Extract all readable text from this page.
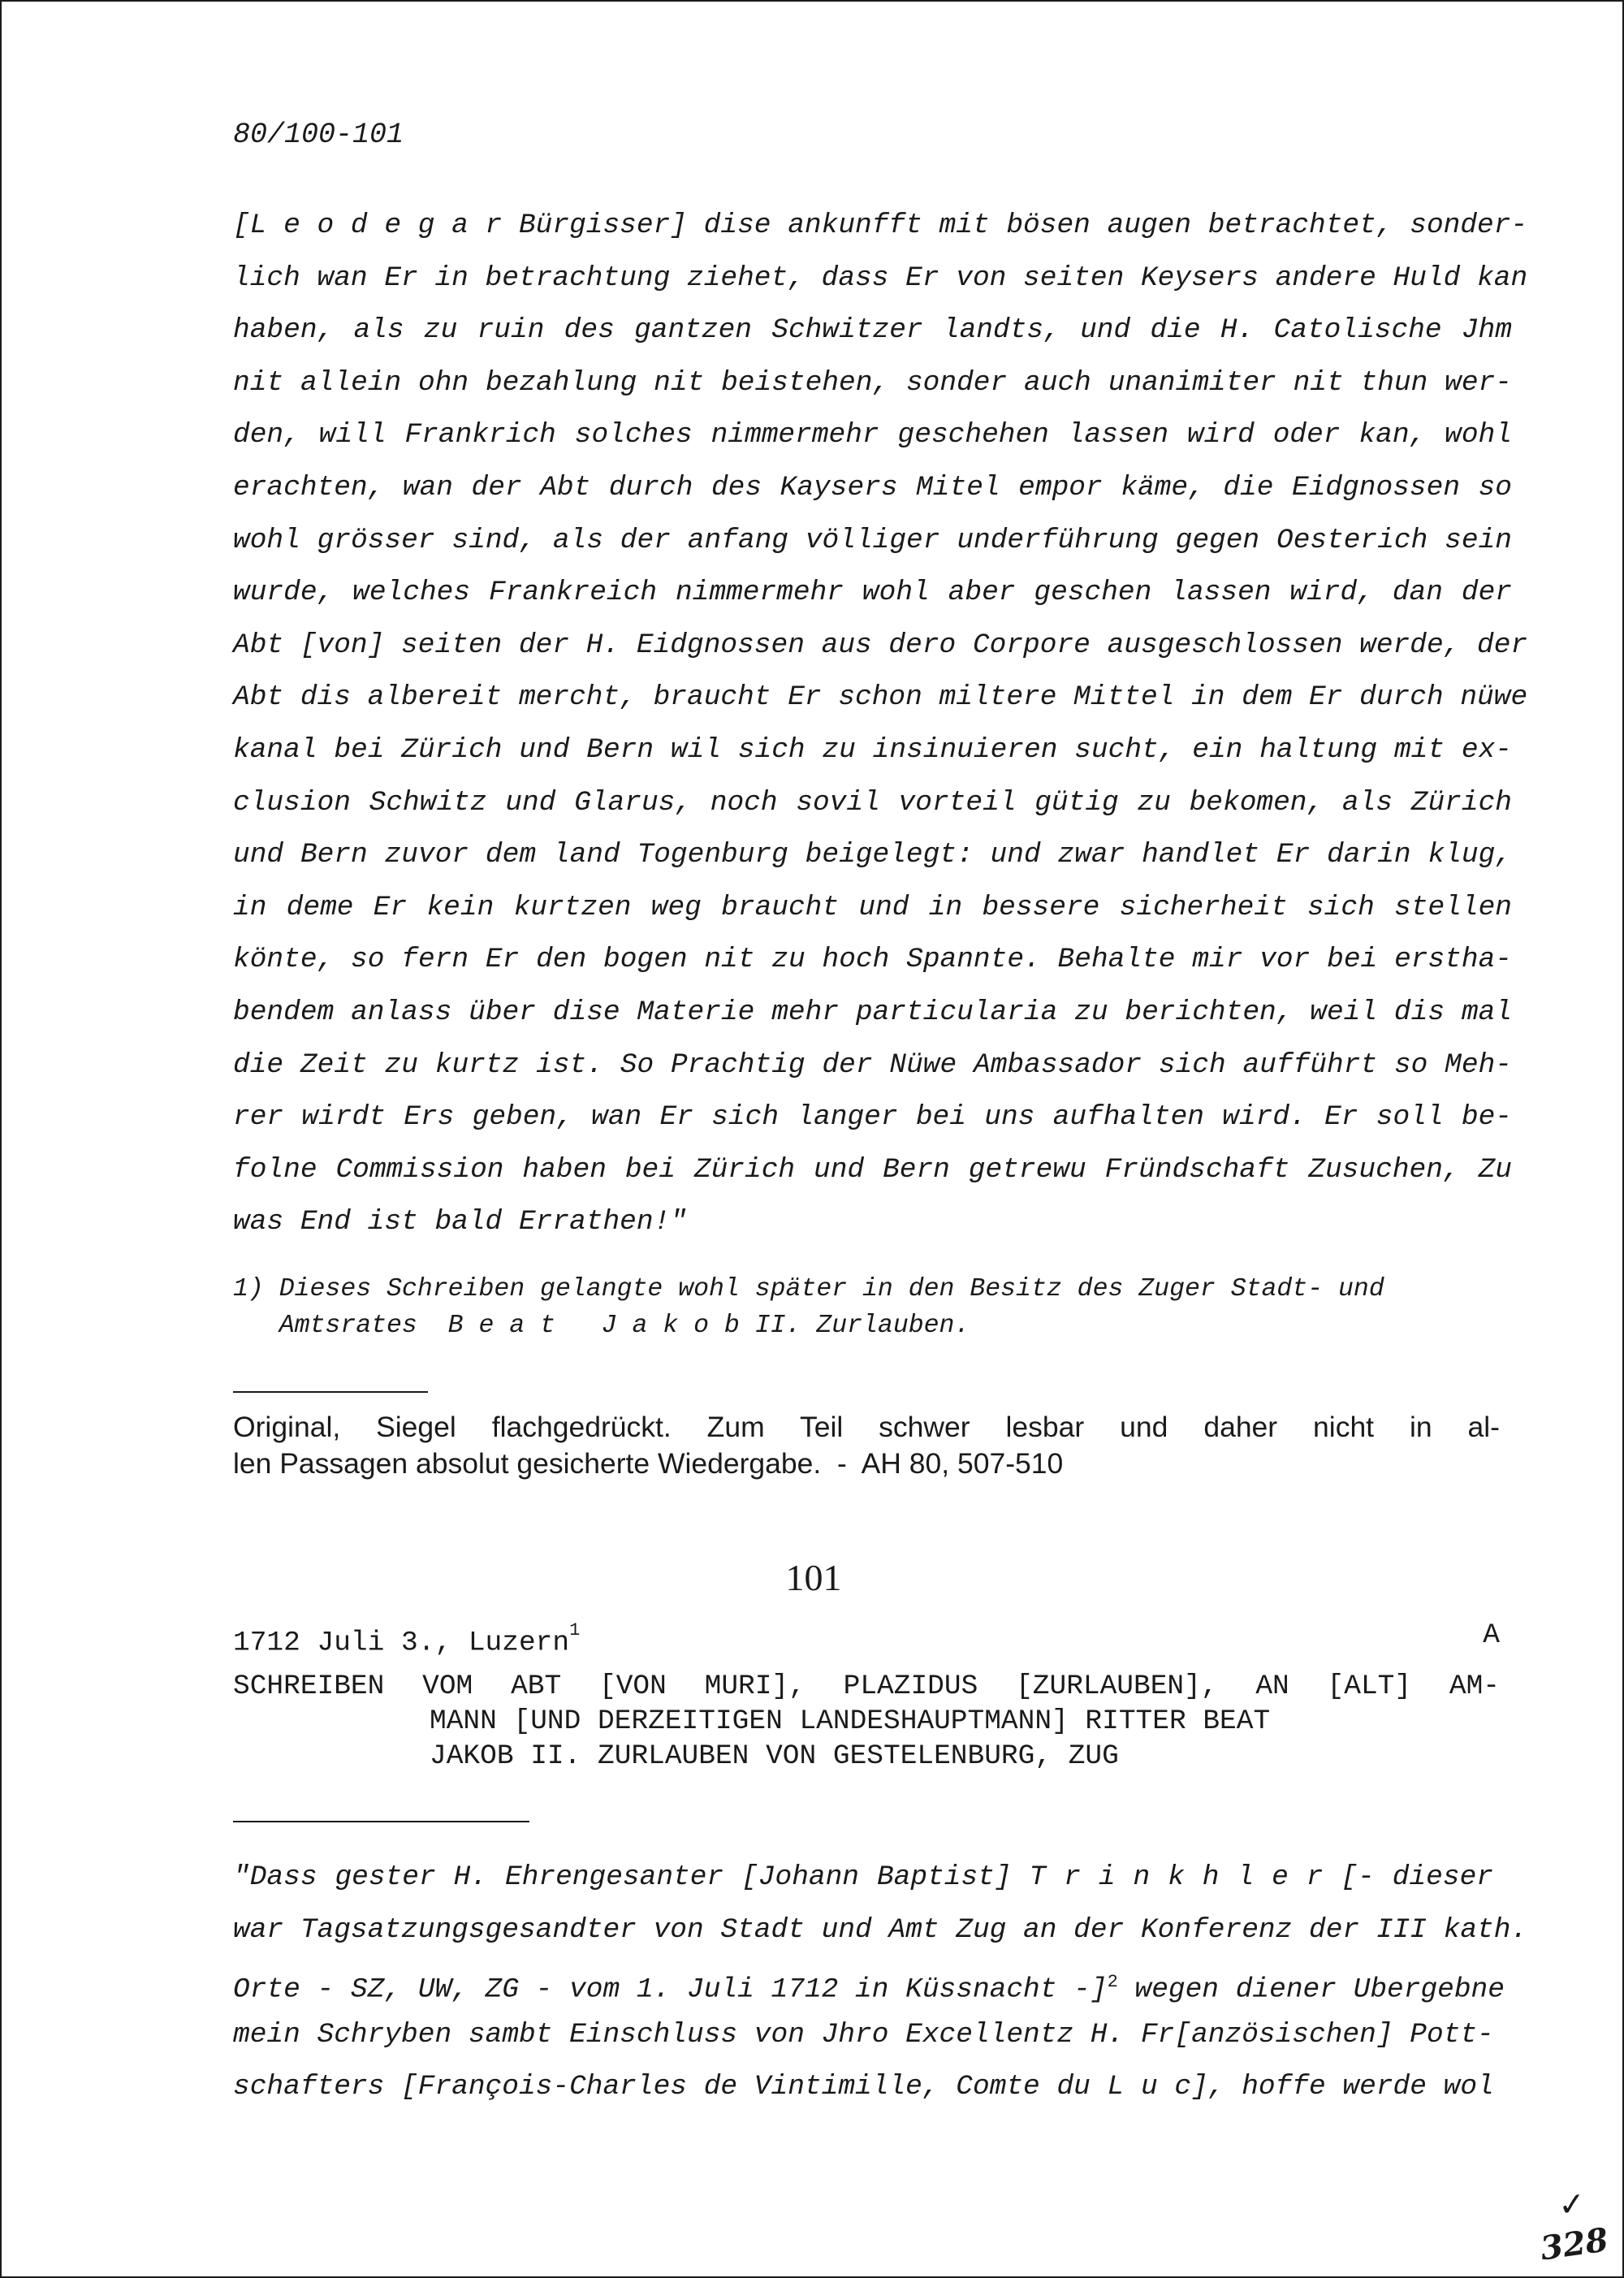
80/100-101
[L e o d e g a r Bürgisser] dise ankunfft mit bösen augen betrachtet, sonder-
lich wan Er in betrachtung ziehet, dass Er von seiten Keysers andere Huld kan
haben, als zu ruin des gantzen Schwitzer landts, und die H. Catolische Jhm
nit allein ohn bezahlung nit beistehen, sonder auch unanimiter nit thun wer-
den, will Frankrich solches nimmermehr geschehen lassen wird oder kan, wohl
erachten, wan der Abt durch des Kaysers Mitel empor käme, die Eidgnossen so
wohl grösser sind, als der anfang völliger underführung gegen Oesterich sein
wurde, welches Frankreich nimmermehr wohl aber geschen lassen wird, dan der
Abt [von] seiten der H. Eidgnossen aus dero Corpore ausgeschlossen werde, der
Abt dis albereit mercht, braucht Er schon miltere Mittel in dem Er durch nüwe
kanal bei Zürich und Bern wil sich zu insinuieren sucht, ein haltung mit ex-
clusion Schwitz und Glarus, noch sovil vorteil gütig zu bekomen, als Zürich
und Bern zuvor dem land Togenburg beigelegt: und zwar handlet Er darin klug,
in deme Er kein kurtzen weg braucht und in bessere sicherheit sich stellen
könte, so fern Er den bogen nit zu hoch Spannte. Behalte mir vor bei erstha-
bendem anlass über dise Materie mehr particularia zu berichten, weil dis mal
die Zeit zu kurtz ist. So Prachtig der Nüwe Ambassador sich aufführt so Meh-
rer wirdt Ers geben, wan Er sich langer bei uns aufhalten wird. Er soll be-
folne Commission haben bei Zürich und Bern getrewu Fründschaft Zusuchen, Zu
was End ist bald Errathen!"
1) Dieses Schreiben gelangte wohl später in den Besitz des Zuger Stadt- und
Amtsrates  B e a t   J a k o b II. Zurlauben.
Original, Siegel flachgedrückt. Zum Teil schwer lesbar und daher nicht in al-
len Passagen absolut gesicherte Wiedergabe.  -  AH 80, 507-510
101
1712 Juli 3., Luzern$^1$	A
SCHREIBEN VOM ABT [VON MURI], PLAZIDUS [ZURLAUBEN], AN [ALT] AM-
MANN [UND DERZEITIGEN LANDESHAUPTMANN] RITTER BEAT
JAKOB II. ZURLAUBEN VON GESTELENBURG, ZUG
"Dass gester H. Ehrengesanter [Johann Baptist] T r i n k h l e r [- dieser
war Tagsatzungsgesandter von Stadt und Amt Zug an der Konferenz der III kath.
Orte - SZ, UW, ZG - vom 1. Juli 1712 in Küssnacht -]$^2$ wegen diener Ubergebne
mein Schryben sambt Einschluss von Jhro Excellentz H. Fr[anzösischen] Pott-
schafters [François-Charles de Vintimille, Comte du L u c], hoffe werde wol
✓
328
